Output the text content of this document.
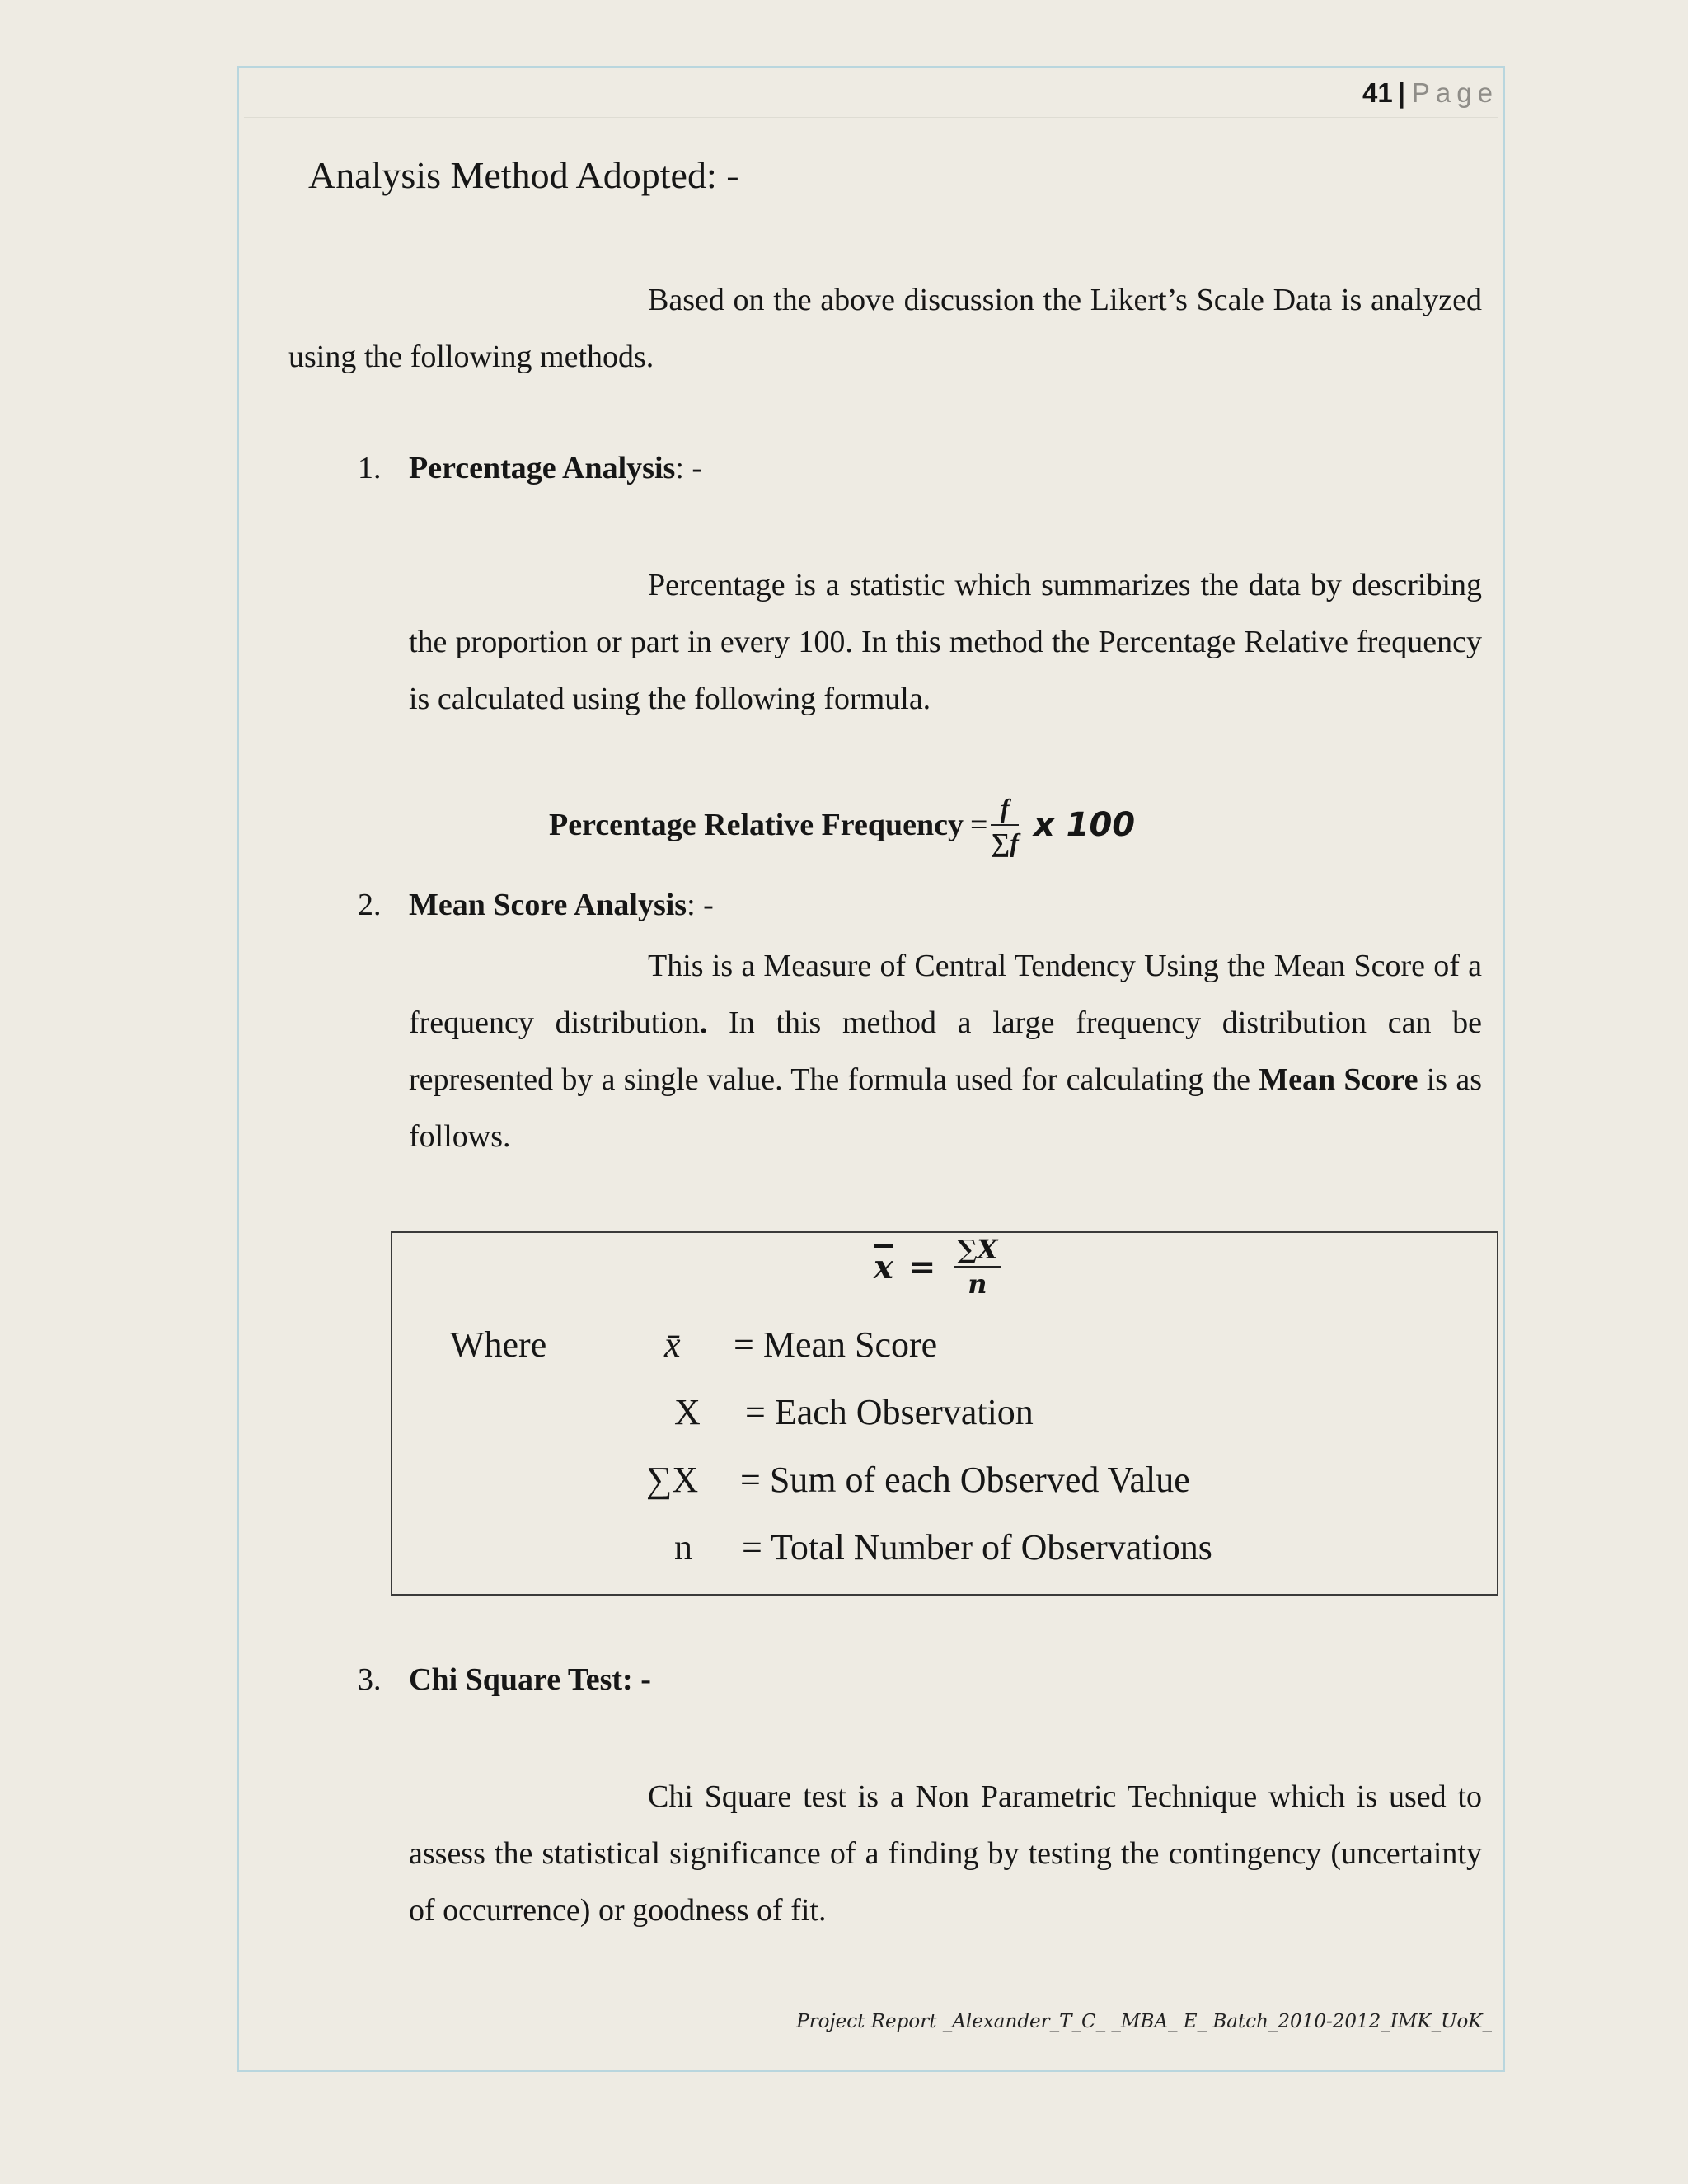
41 | Page
Analysis Method Adopted: -
Based on the above discussion the Likert’s Scale Data is analyzed using the following methods.
1. Percentage Analysis: -
Percentage is a statistic which summarizes the data by describing the proportion or part in every 100. In this method the Percentage Relative frequency is calculated using the following formula.
Percentage Relative Frequency = $\frac{f}{\sum f}$ x 100
2. Mean Score Analysis: -
This is a Measure of Central Tendency Using the Mean Score of a frequency distribution. In this method a large frequency distribution can be represented by a single value. The formula used for calculating the Mean Score is as follows.
$\overline{x} = \frac{\sum X}{n}$
Where	x̄ = Mean Score
X = Each Observation
∑X = Sum of each Observed Value
n = Total Number of Observations
3. Chi Square Test: -
Chi Square test is a Non Parametric Technique which is used to assess the statistical significance of a finding by testing the contingency (uncertainty of occurrence) or goodness of fit.
Project Report _Alexander_T_C_ _MBA_ E_ Batch_2010-2012_IMK_UoK_
